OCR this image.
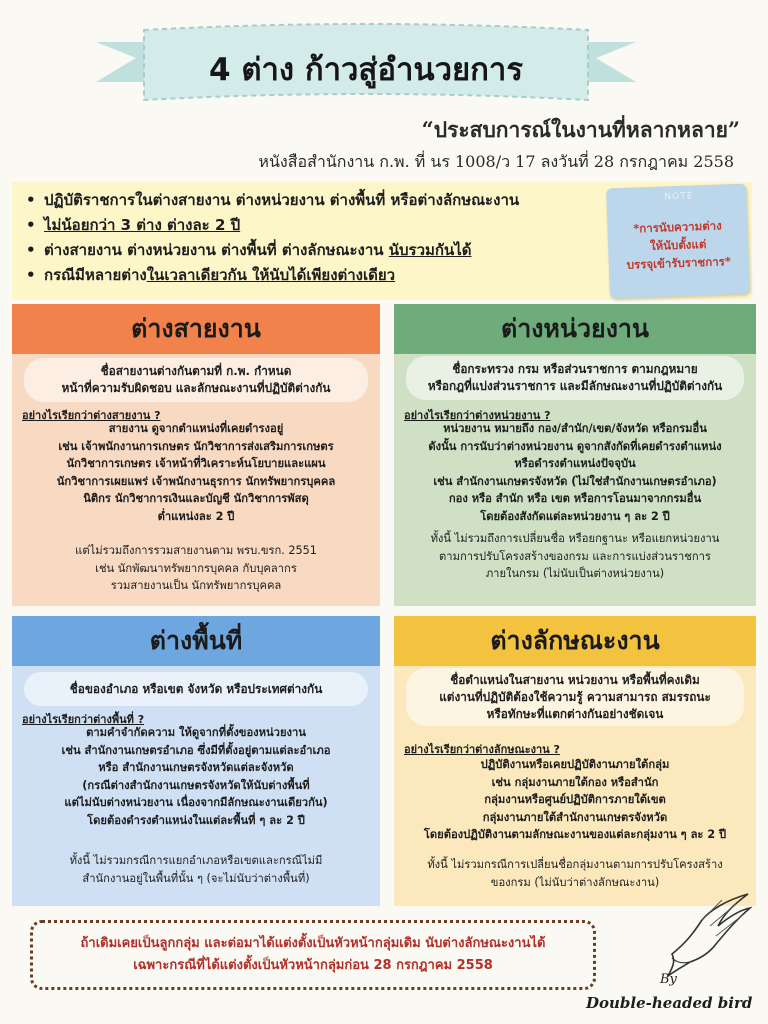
4 ต่าง ก้าวสู่อำนวยการ
“ประสบการณ์ในงานที่หลากหลาย”
หนังสือสำนักงาน ก.พ. ที่ นร 1008/ว 17 ลงวันที่ 28 กรกฎาคม 2558
• ปฏิบัติราชการในต่างสายงาน ต่างหน่วยงาน ต่างพื้นที่ หรือต่างลักษณะงาน
• ไม่น้อยกว่า 3 ต่าง ต่างละ 2 ปี
• ต่างสายงาน ต่างหน่วยงาน ต่างพื้นที่ ต่างลักษณะงาน นับรวมกันได้
• กรณีมีหลายต่างในเวลาเดียวกัน ให้นับได้เพียงต่างเดียว
NOTE
*การนับความต่าง
ให้นับตั้งแต่
บรรจุเข้ารับราชการ*
ต่างสายงาน
ชื่อสายงานต่างกันตามที่ ก.พ. กำหนด
หน้าที่ความรับผิดชอบ และลักษณะงานที่ปฏิบัติต่างกัน
อย่างไรเรียกว่าต่างสายงาน ?
สายงาน ดูจากตำแหน่งที่เคยดำรงอยู่
เช่น เจ้าพนักงานการเกษตร นักวิชาการส่งเสริมการเกษตร
นักวิชาการเกษตร เจ้าหน้าที่วิเคราะห์นโยบายและแผน
นักวิชาการเผยแพร่ เจ้าพนักงานธุรการ นักทรัพยากรบุคคล
นิติกร นักวิชาการเงินและบัญชี นักวิชาการพัสดุ
ต่ำแหน่งละ 2 ปี
แต่ไม่รวมถึงการรวมสายงานตาม พรบ.ขรก. 2551
เช่น นักพัฒนาทรัพยากรบุคคล กับบุคลากร
รวมสายงานเป็น นักทรัพยากรบุคคล
ต่างหน่วยงาน
ชื่อกระทรวง กรม หรือส่วนราชการ ตามกฎหมาย
หรือกฎที่แบ่งส่วนราชการ และมีลักษณะงานที่ปฏิบัติต่างกัน
อย่างไรเรียกว่าต่างหน่วยงาน ?
หน่วยงาน หมายถึง กอง/สำนัก/เขต/จังหวัด หรือกรมอื่น
ดังนั้น การนับว่าต่างหน่วยงาน ดูจากสังกัดที่เคยดำรงตำแหน่ง
หรือดำรงตำแหน่งปัจจุบัน
เช่น สำนักงานเกษตรจังหวัด (ไม่ใช่สำนักงานเกษตรอำเภอ)
กอง หรือ สำนัก หรือ เขต หรือการโอนมาจากกรมอื่น
โดยต้องสังกัดแต่ละหน่วยงาน ๆ ละ 2 ปี
ทั้งนี้ ไม่รวมถึงการเปลี่ยนชื่อ หรือยกฐานะ หรือแยกหน่วยงาน
ตามการปรับโครงสร้างของกรม และการแบ่งส่วนราชการ
ภายในกรม (ไม่นับเป็นต่างหน่วยงาน)
ต่างพื้นที่
ชื่อของอำเภอ หรือเขต จังหวัด หรือประเทศต่างกัน
อย่างไรเรียกว่าต่างพื้นที่ ?
ตามคำจำกัดความ ให้ดูจากที่ตั้งของหน่วยงาน
เช่น สำนักงานเกษตรอำเภอ ซึ่งมีที่ตั้งอยู่ตามแต่ละอำเภอ
หรือ สำนักงานเกษตรจังหวัดแต่ละจังหวัด
(กรณีต่างสำนักงานเกษตรจังหวัดให้นับต่างพื้นที่
แต่ไม่นับต่างหน่วยงาน เนื่องจากมีลักษณะงานเดียวกัน)
โดยต้องดำรงตำแหน่งในแต่ละพื้นที่ ๆ ละ 2 ปี
ทั้งนี้ ไม่รวมกรณีการแยกอำเภอหรือเขตและกรณีไม่มี
สำนักงานอยู่ในพื้นที่นั้น ๆ (จะไม่นับว่าต่างพื้นที่)
ต่างลักษณะงาน
ชื่อตำแหน่งในสายงาน หน่วยงาน หรือพื้นที่คงเดิม
แต่งานที่ปฏิบัติต้องใช้ความรู้ ความสามารถ สมรรถนะ
หรือทักษะที่แตกต่างกันอย่างชัดเจน
อย่างไรเรียกว่าต่างลักษณะงาน ?
ปฏิบัติงานหรือเคยปฏิบัติงานภายใต้กลุ่ม
เช่น กลุ่มงานภายใต้กอง หรือสำนัก
กลุ่มงานหรือศูนย์ปฏิบัติการภายใต้เขต
กลุ่มงานภายใต้สำนักงานเกษตรจังหวัด
โดยต้องปฏิบัติงานตามลักษณะงานของแต่ละกลุ่มงาน ๆ ละ 2 ปี
ทั้งนี้ ไม่รวมกรณีการเปลี่ยนชื่อกลุ่มงานตามการปรับโครงสร้าง
ของกรม (ไม่นับว่าต่างลักษณะงาน)
ถ้าเดิมเคยเป็นลูกกลุ่ม และต่อมาได้แต่งตั้งเป็นหัวหน้ากลุ่มเดิม นับต่างลักษณะงานได้
เฉพาะกรณีที่ได้แต่งตั้งเป็นหัวหน้ากลุ่มก่อน 28 กรกฎาคม 2558
By
Double-headed bird
